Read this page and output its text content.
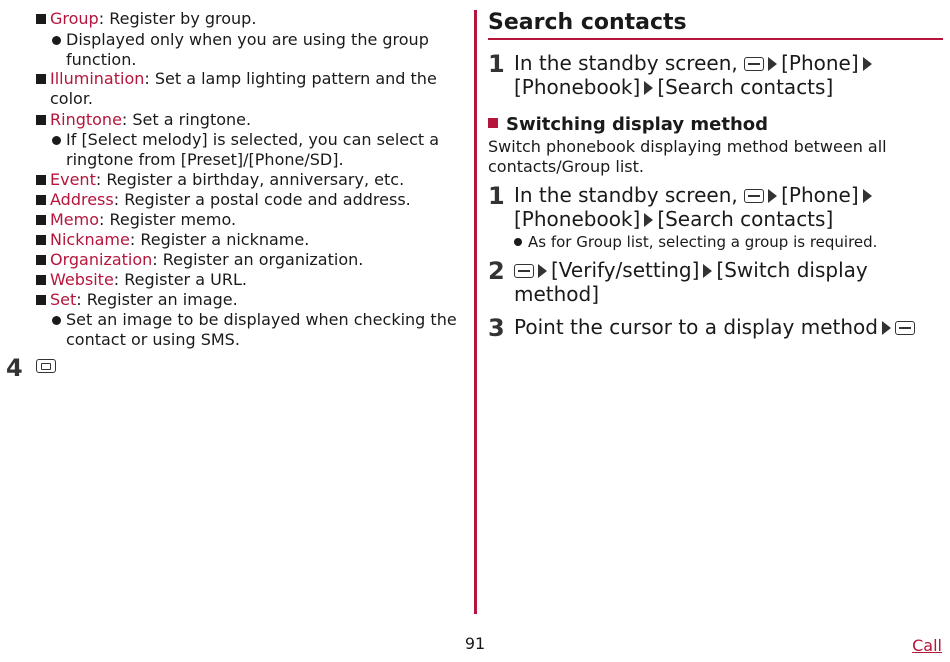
Group: Register by group.
Displayed only when you are using the group function.
Illumination: Set a lamp lighting pattern and the color.
Ringtone: Set a ringtone.
If [Select melody] is selected, you can select a ringtone from [Preset]/[Phone/SD].
Event: Register a birthday, anniversary, etc.
Address: Register a postal code and address.
Memo: Register memo.
Nickname: Register a nickname.
Organization: Register an organization.
Website: Register a URL.
Set: Register an image.
Set an image to be displayed when checking the contact or using SMS.
4
Search contacts
1 In the standby screen, [Phone]
[Phonebook] [Search contacts]
Switching display method
Switch phonebook displaying method between all contacts/Group list.
1 In the standby screen, [Phone]
[Phonebook] [Search contacts]
As for Group list, selecting a group is required.
2	[Verify/setting] [Switch display method]
3 Point the cursor to a display method
91	Call
